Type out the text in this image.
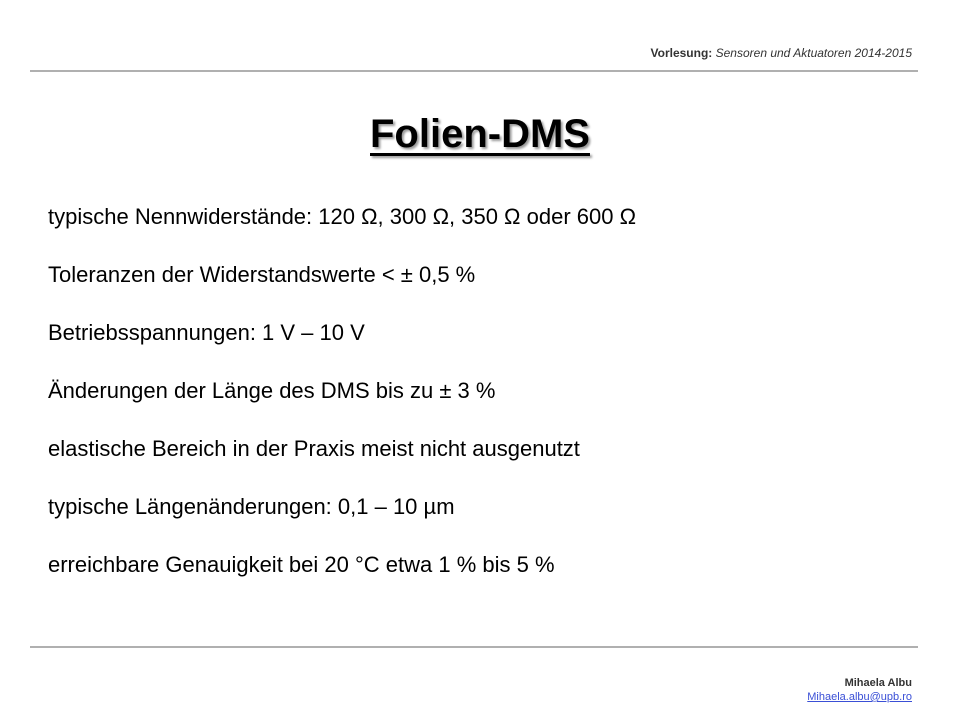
Vorlesung: Sensoren und Aktuatoren 2014-2015
Folien-DMS
typische Nennwiderstände: 120 Ω, 300 Ω, 350 Ω oder 600 Ω
Toleranzen der Widerstandswerte < ± 0,5 %
Betriebsspannungen: 1 V – 10 V
Änderungen der Länge des DMS bis zu ± 3 %
elastische Bereich in der Praxis meist nicht ausgenutzt
typische Längenänderungen: 0,1 – 10 µm
erreichbare Genauigkeit bei 20 °C etwa 1 % bis 5 %
Mihaela Albu
Mihaela.albu@upb.ro
